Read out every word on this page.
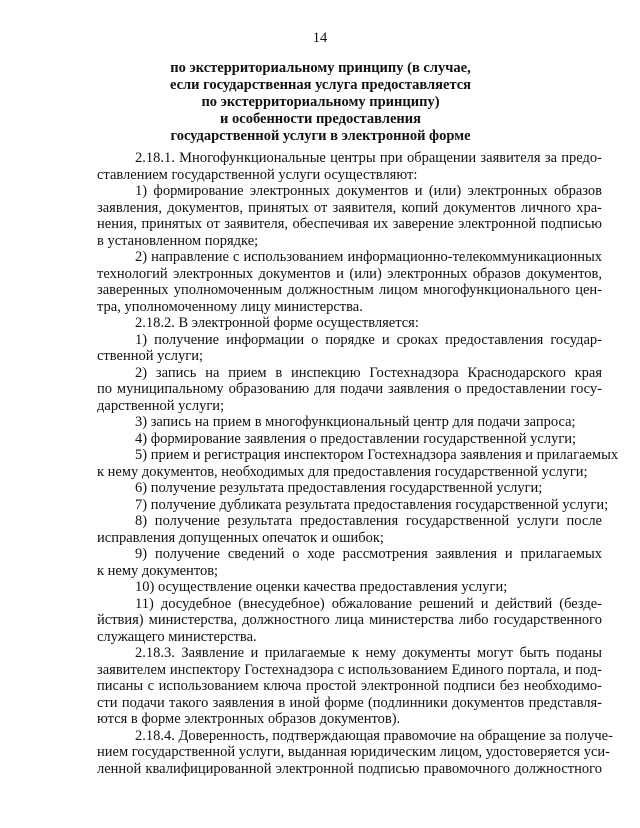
14
по экстерриториальному принципу (в случае,
если государственная услуга предоставляется
по экстерриториальному принципу)
и особенности предоставления
государственной услуги в электронной форме
2.18.1. Многофункциональные центры при обращении заявителя за предо-
ставлением государственной услуги осуществляют:
1) формирование электронных документов и (или) электронных образов
заявления, документов, принятых от заявителя, копий документов личного хра-
нения, принятых от заявителя, обеспечивая их заверение электронной подписью
в установленном порядке;
2) направление с использованием информационно-телекоммуникационных
технологий электронных документов и (или) электронных образов документов,
заверенных уполномоченным должностным лицом многофункционального цен-
тра, уполномоченному лицу министерства.
2.18.2. В электронной форме осуществляется:
1) получение информации о порядке и сроках предоставления государ-
ственной услуги;
2) запись на прием в инспекцию Гостехнадзора Краснодарского края
по муниципальному образованию для подачи заявления о предоставлении госу-
дарственной услуги;
3) запись на прием в многофункциональный центр для подачи запроса;
4) формирование заявления о предоставлении государственной услуги;
5) прием и регистрация инспектором Гостехнадзора заявления и прилагаемых
к нему документов, необходимых для предоставления государственной услуги;
6) получение результата предоставления государственной услуги;
7) получение дубликата результата предоставления государственной услуги;
8) получение результата предоставления государственной услуги после
исправления допущенных опечаток и ошибок;
9) получение сведений о ходе рассмотрения заявления и прилагаемых
к нему документов;
10) осуществление оценки качества предоставления услуги;
11) досудебное (внесудебное) обжалование решений и действий (безде-
йствия) министерства, должностного лица министерства либо государственного
служащего министерства.
2.18.3. Заявление и прилагаемые к нему документы могут быть поданы
заявителем инспектору Гостехнадзора с использованием Единого портала, и под-
писаны с использованием ключа простой электронной подписи без необходимо-
сти подачи такого заявления в иной форме (подлинники документов представля-
ются в форме электронных образов документов).
2.18.4. Доверенность, подтверждающая правомочие на обращение за получе-
нием государственной услуги, выданная юридическим лицом, удостоверяется уси-
ленной квалифицированной электронной подписью правомочного должностного
